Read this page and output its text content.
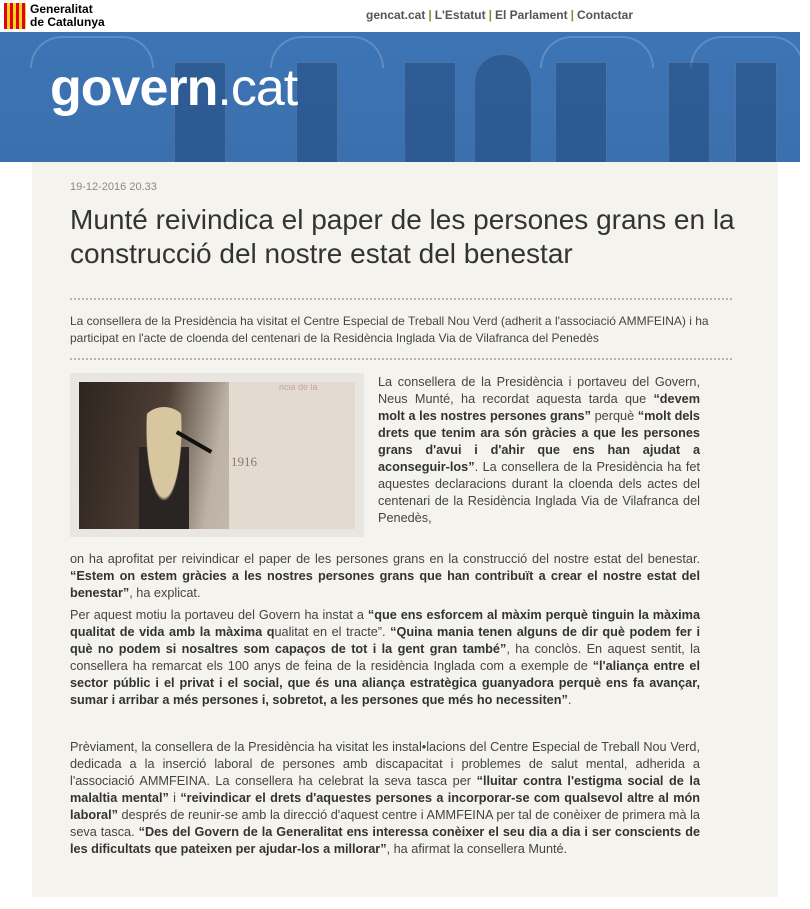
Generalitat
de Catalunya	gencat.cat | L'Estatut | El Parlament | Contactar
govern.cat
19-12-2016 20.33
Munté reivindica el paper de les persones grans en la construcció del nostre estat del benestar
La consellera de la Presidència ha visitat el Centre Especial de Treball Nou Verd (adherit a l'associació AMMFEINA) i ha participat en l'acte de cloenda del centenari de la Residència Inglada Via de Vilafranca del Penedès
ncia de la
1916
La consellera de la Presidència i portaveu del Govern, Neus Munté, ha recordat aquesta tarda que “devem molt a les nostres persones grans” perquè “molt dels drets que tenim ara són gràcies a que les persones grans d'avui i d'ahir que ens han ajudat a aconseguir-los”. La consellera de la Presidència ha fet aquestes declaracions durant la cloenda dels actes del centenari de la Residència Inglada Via de Vilafranca del Penedès,
on ha aprofitat per reivindicar el paper de les persones grans en la construcció del nostre estat del benestar. “Estem on estem gràcies a les nostres persones grans que han contribuït a crear el nostre estat del benestar”, ha explicat.
Per aquest motiu la portaveu del Govern ha instat a “que ens esforcem al màxim perquè tinguin la màxima qualitat de vida amb la màxima qualitat en el tracte”. “Quina mania tenen alguns de dir què podem fer i què no podem si nosaltres som capaços de tot i la gent gran també”, ha conclòs. En aquest sentit, la consellera ha remarcat els 100 anys de feina de la residència Inglada com a exemple de “l'aliança entre el sector públic i el privat i el social, que és una aliança estratègica guanyadora perquè ens fa avançar, sumar i arribar a més persones i, sobretot, a les persones que més ho necessiten”.
Prèviament, la consellera de la Presidència ha visitat les instal•lacions del Centre Especial de Treball Nou Verd, dedicada a la inserció laboral de persones amb discapacitat i problemes de salut mental, adherida a l'associació AMMFEINA. La consellera ha celebrat la seva tasca per “lluitar contra l'estigma social de la malaltia mental” i “reivindicar el drets d'aquestes persones a incorporar-se com qualsevol altre al món laboral” després de reunir-se amb la direcció d'aquest centre i AMMFEINA per tal de conèixer de primera mà la seva tasca. “Des del Govern de la Generalitat ens interessa conèixer el seu dia a dia i ser conscients de les dificultats que pateixen per ajudar-los a millorar”, ha afirmat la consellera Munté.
